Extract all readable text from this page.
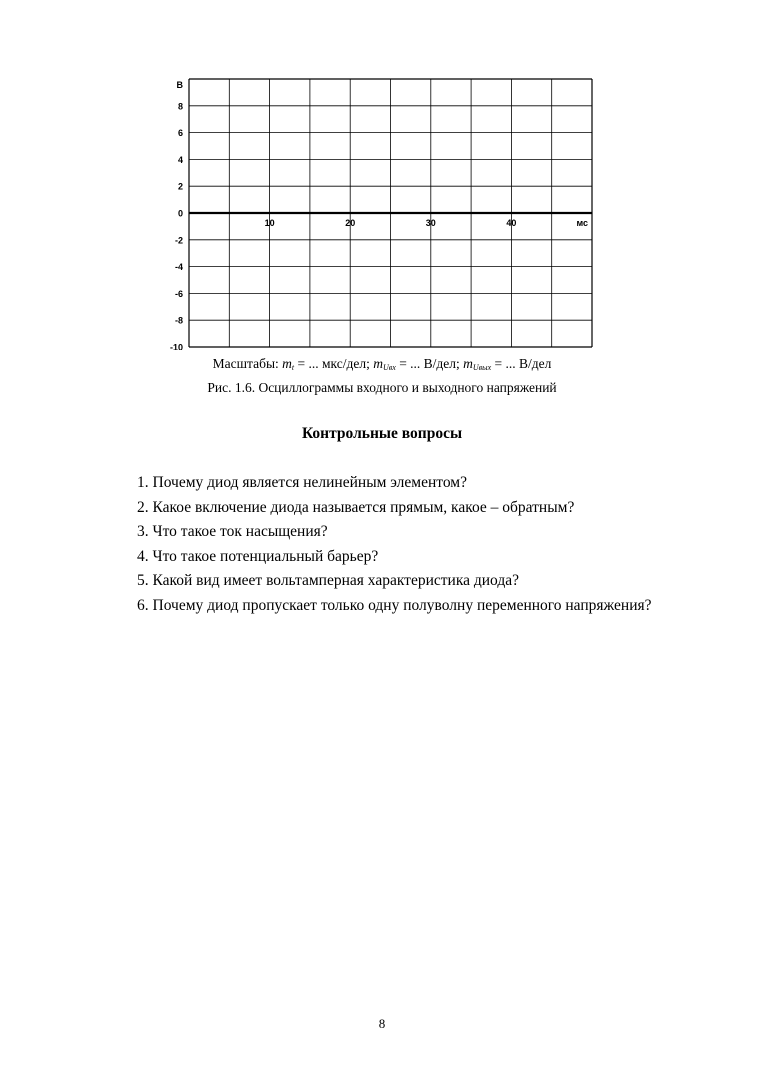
8
6
4
2
0
-2
-4
-6
-8
-10
В
10	20	30	40	мс
Масштабы: $m_t$ = ... мкс/дел; $m_{Uвх}$ = ... В/дел; $m_{Uвых}$ = ... В/дел
Рис. 1.6. Осциллограммы входного и выходного напряжений
Контрольные вопросы
1. Почему диод является нелинейным элементом?
2. Какое включение диода называется прямым, какое – обратным?
3. Что такое ток насыщения?
4. Что такое потенциальный барьер?
5. Какой вид имеет вольтамперная характеристика диода?
6. Почему диод пропускает только одну полуволну переменного напряжения?
8
